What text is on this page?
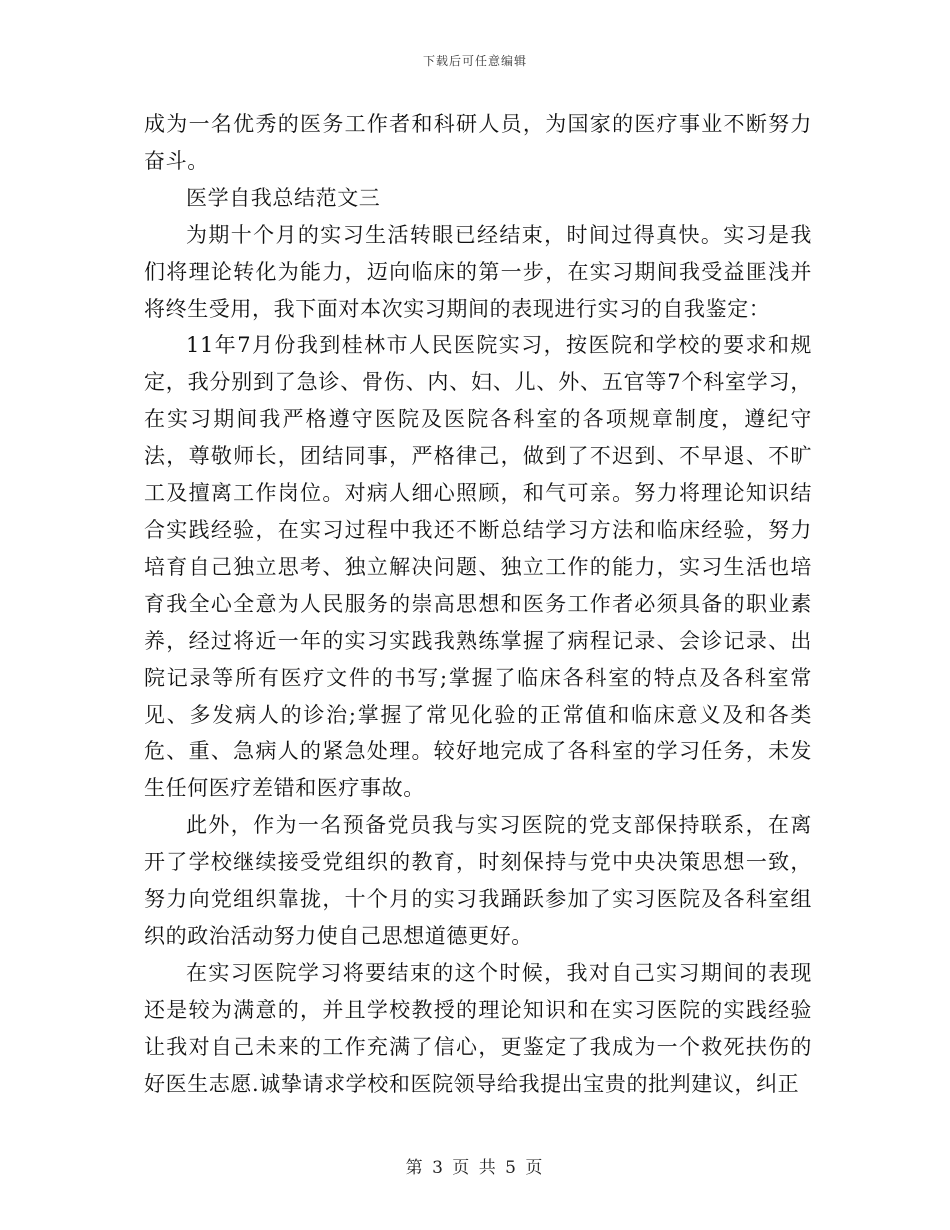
下载后可任意编辑

成为一名优秀的医务工作者和科研人员，为国家的医疗事业不断努力奋斗。

医学自我总结范文三

为期十个月的实习生活转眼已经结束，时间过得真快。实习是我们将理论转化为能力，迈向临床的第一步，在实习期间我受益匪浅并将终生受用，我下面对本次实习期间的表现进行实习的自我鉴定：

11年7月份我到桂林市人民医院实习，按医院和学校的要求和规定，我分别到了急诊、骨伤、内、妇、儿、外、五官等7个科室学习，在实习期间我严格遵守医院及医院各科室的各项规章制度，遵纪守法，尊敬师长，团结同事，严格律己，做到了不迟到、不早退、不旷工及擅离工作岗位。对病人细心照顾，和气可亲。努力将理论知识结合实践经验，在实习过程中我还不断总结学习方法和临床经验，努力培育自己独立思考、独立解决问题、独立工作的能力，实习生活也培育我全心全意为人民服务的崇高思想和医务工作者必须具备的职业素养，经过将近一年的实习实践我熟练掌握了病程记录、会诊记录、出院记录等所有医疗文件的书写;掌握了临床各科室的特点及各科室常见、多发病人的诊治;掌握了常见化验的正常值和临床意义及和各类危、重、急病人的紧急处理。较好地完成了各科室的学习任务，未发生任何医疗差错和医疗事故。

此外，作为一名预备党员我与实习医院的党支部保持联系，在离开了学校继续接受党组织的教育，时刻保持与党中央决策思想一致，努力向党组织靠拢，十个月的实习我踊跃参加了实习医院及各科室组织的政治活动努力使自己思想道德更好。

在实习医院学习将要结束的这个时候，我对自己实习期间的表现还是较为满意的，并且学校教授的理论知识和在实习医院的实践经验让我对自己未来的工作充满了信心，更鉴定了我成为一个救死扶伤的好医生志愿.诚挚请求学校和医院领导给我提出宝贵的批判建议，纠正

第 3 页 共 5 页
